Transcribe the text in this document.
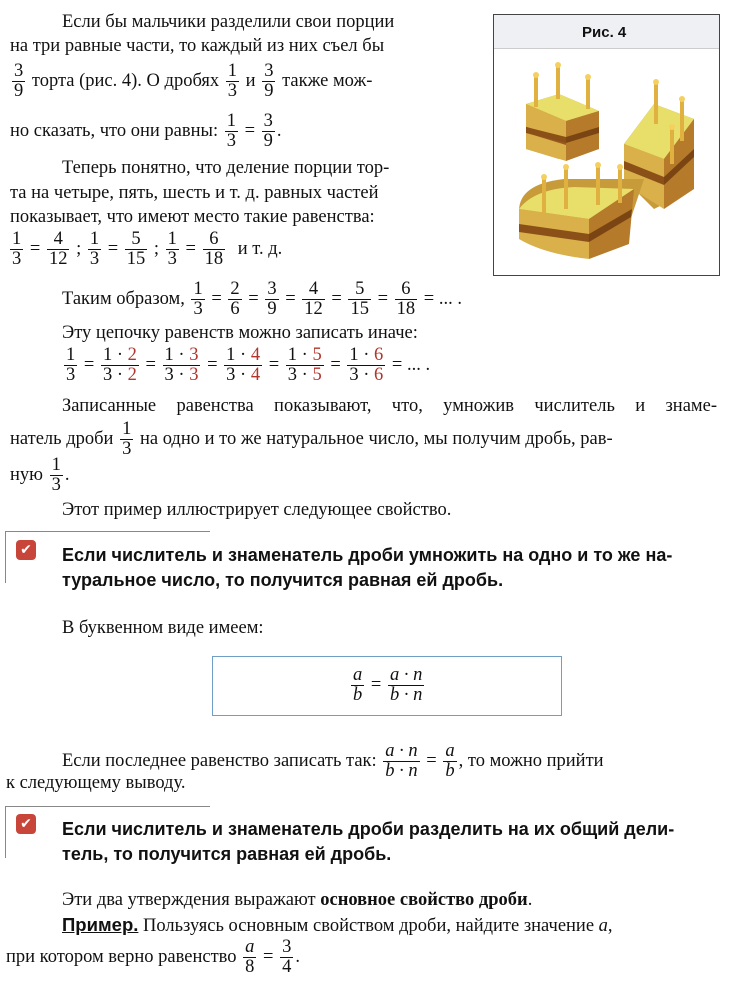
Если бы мальчики разделили свои порции
на три равные части, то каждый из них съел бы
$\frac{3}{9}$ торта (рис. 4). О дробях $\frac{1}{3}$ и $\frac{3}{9}$ также мож-
но сказать, что они равны: $\frac{1}{3} = \frac{3}{9}$ .
Теперь понятно, что деление порции тор-
та на четыре, пять, шесть и т. д. равных частей
показывает, что имеют место такие равенства:
$\frac{1}{3} = \frac{4}{12}$ ; $\frac{1}{3} = \frac{5}{15}$ ; $\frac{1}{3} = \frac{6}{18}$ и т. д.
Рис. 4
Таким образом, $\frac{1}{3} = \frac{2}{6} = \frac{3}{9} = \frac{4}{12} = \frac{5}{15} = \frac{6}{18}$ = ... .
Эту цепочку равенств можно записать иначе:
$\frac{1}{3} = \frac{1 \cdot 2}{3 \cdot 2} = \frac{1 \cdot 3}{3 \cdot 3} = \frac{1 \cdot 4}{3 \cdot 4} = \frac{1 \cdot 5}{3 \cdot 5} = \frac{1 \cdot 6}{3 \cdot 6}$ = ... .
Записанные равенства показывают, что, умножив числитель и знаме-
натель дроби $\frac{1}{3}$ на одно и то же натуральное число, мы получим дробь, рав-
ную $\frac{1}{3}$ .
Этот пример иллюстрирует следующее свойство.
✔ Если числитель и знаменатель дроби умножить на одно и то же на-
туральное число, то получится равная ей дробь.
В буквенном виде имеем:
$\frac{a}{b} = \frac{a \cdot n}{b \cdot n}$
Если последнее равенство записать так: $\frac{a \cdot n}{b \cdot n} = \frac{a}{b}$ , то можно прийти
к следующему выводу.
✔ Если числитель и знаменатель дроби разделить на их общий дели-
тель, то получится равная ей дробь.
Эти два утверждения выражают основное свойство дроби.
Пример. Пользуясь основным свойством дроби, найдите значение a,
при котором верно равенство $\frac{a}{8} = \frac{3}{4}$ .
